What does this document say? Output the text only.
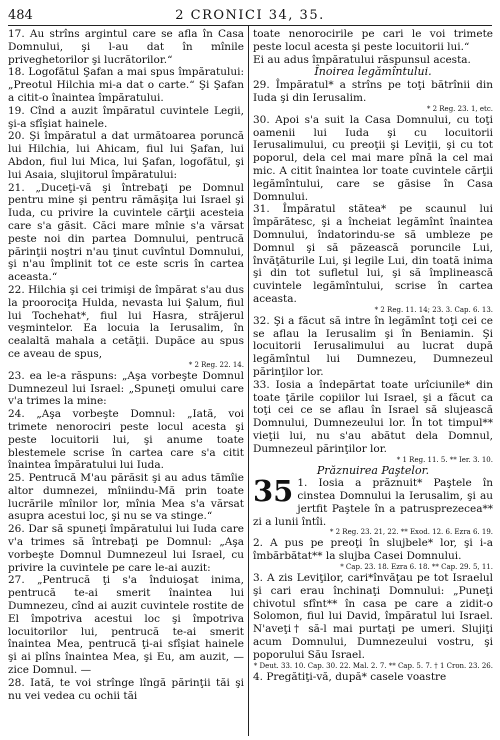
484	2 CRONICI 34, 35.

17. Au strîns argintul care se afla în Casa Domnului, şi l-au dat în mînile priveghetorilor şi lucrătorilor.“

18. Logofătul Şafan a mai spus împăratului: „Preotul Hilchia mi-a dat o carte.“ Şi Şafan a citit-o înaintea împăratului.

19. Cînd a auzit împăratul cuvintele Legii, şi-a sfîşiat hainele.

20. Şi împăratul a dat următoarea poruncă lui Hilchia, lui Ahicam, fiul lui Şafan, lui Abdon, fiul lui Mica, lui Şafan, logofătul, şi lui Asaia, slujitorul împăratului:

21. „Duceţi-vă şi întrebaţi pe Domnul pentru mine şi pentru rămăşiţa lui Israel şi Iuda, cu privire la cuvintele cărţii acesteia care s'a găsit. Căci mare mînie s'a vărsat peste noi din partea Domnului, pentrucă părinţii noştri n'au ţinut cuvîntul Domnului, şi n'au împlinit tot ce este scris în cartea aceasta.“

22. Hilchia şi cei trimişi de împărat s'au dus la proorociţa Hulda, nevasta lui Şalum, fiul lui Tochehat*, fiul lui Hasra, străjerul veşmintelor. Ea locuia la Ierusalim, în cealaltă mahala a cetăţii. Dupăce au spus ce aveau de spus,

* 2 Reg. 22. 14.

23. ea le-a răspuns: „Aşa vorbeşte Domnul Dumnezeul lui Israel: „Spuneţi omului care v'a trimes la mine:

24. „Aşa vorbeşte Domnul: „Iată, voi trimete nenorociri peste locul acesta şi peste locuitorii lui, şi anume toate blestemele scrise în cartea care s'a citit înaintea împăratului lui Iuda.

25. Pentrucă M'au părăsit şi au adus tămîie altor dumnezei, mîniindu-Mă prin toate lucrările mînilor lor, mînia Mea s'a vărsat asupra acestui loc, şi nu se va stinge.“

26. Dar să spuneţi împăratului lui Iuda care v'a trimes să întrebaţi pe Domnul: „Aşa vorbeşte Domnul Dumnezeul lui Israel, cu privire la cuvintele pe care le-ai auzit:

27. „Pentrucă ţi s'a înduioşat inima, pentrucă te-ai smerit înaintea lui Dumnezeu, cînd ai auzit cuvintele rostite de El împotriva acestui loc şi împotriva locuitorilor lui, pentrucă te-ai smerit înaintea Mea, pentrucă ţi-ai sfîşiat hainele şi ai plîns înaintea Mea, şi Eu, am auzit, — zice Domnul. —

28. Iată, te voi strînge lîngă părinţii tăi şi nu vei vedea cu ochii tăi

toate nenorocirile pe cari le voi trimete peste locul acesta şi peste locuitorii lui.“

Ei au adus împăratului răspunsul acesta.

Înoirea legămîntului.

29. Împăratul* a strîns pe toţi bătrînii din Iuda şi din Ierusalim.

* 2 Reg. 23. 1, etc.

30. Apoi s'a suit la Casa Domnului, cu toţi oamenii lui Iuda şi cu locuitorii Ierusalimului, cu preoţii şi Leviţii, şi cu tot poporul, dela cel mai mare pînă la cel mai mic. A citit înaintea lor toate cuvintele cărţii legămîntului, care se găsise în Casa Domnului.

31. Împăratul stătea* pe scaunul lui împărătesc, şi a încheiat legămînt înaintea Domnului, îndatorindu-se să umbleze pe Domnul şi să păzească poruncile Lui, învăţăturile Lui, şi legile Lui, din toată inima şi din tot sufletul lui, şi să împlinească cuvintele legămîntului, scrise în cartea aceasta.

* 2 Reg. 11. 14; 23. 3. Cap. 6. 13.

32. Şi a făcut să intre în legămînt toţi cei ce se aflau la Ierusalim şi în Beniamin. Şi locuitorii Ierusalimului au lucrat după legămîntul lui Dumnezeu, Dumnezeul părinţilor lor.

33. Iosia a îndepărtat toate urîciunile* din toate ţările copiilor lui Israel, şi a făcut ca toţi cei ce se aflau în Israel să slujească Domnului, Dumnezeului lor. În tot timpul** vieţii lui, nu s'au abătut dela Domnul, Dumnezeul părinţilor lor.

* 1 Reg. 11. 5. ** Ier. 3. 10.

Prăznuirea Paştelor.

35 1. Iosia a prăznuit* Paştele în cinstea Domnului la Ierusalim, şi au jertfit Paştele în a patrusprezecea** zi a lunii întîi.

* 2 Reg. 23. 21, 22. ** Exod. 12. 6. Ezra 6. 19.

2. A pus pe preoţi în slujbele* lor, şi i-a îmbărbătat** la slujba Casei Domnului.

* Cap. 23. 18. Ezra 6. 18. ** Cap. 29. 5, 11.

3. A zis Leviţilor, cari*învăţau pe tot Israelul şi cari erau închinaţi Domnului: „Puneţi chivotul sfînt** în casa pe care a zidit-o Solomon, fiul lui David, împăratul lui Israel. N'aveţi† să-l mai purtaţi pe umeri. Slujiţi acum Domnului, Dumnezeului vostru, şi poporului Său Israel.

* Deut. 33. 10. Cap. 30. 22. Mal. 2. 7. ** Cap. 5. 7. † 1 Cron. 23. 26.

4. Pregătiţi-vă, după* casele voastre
